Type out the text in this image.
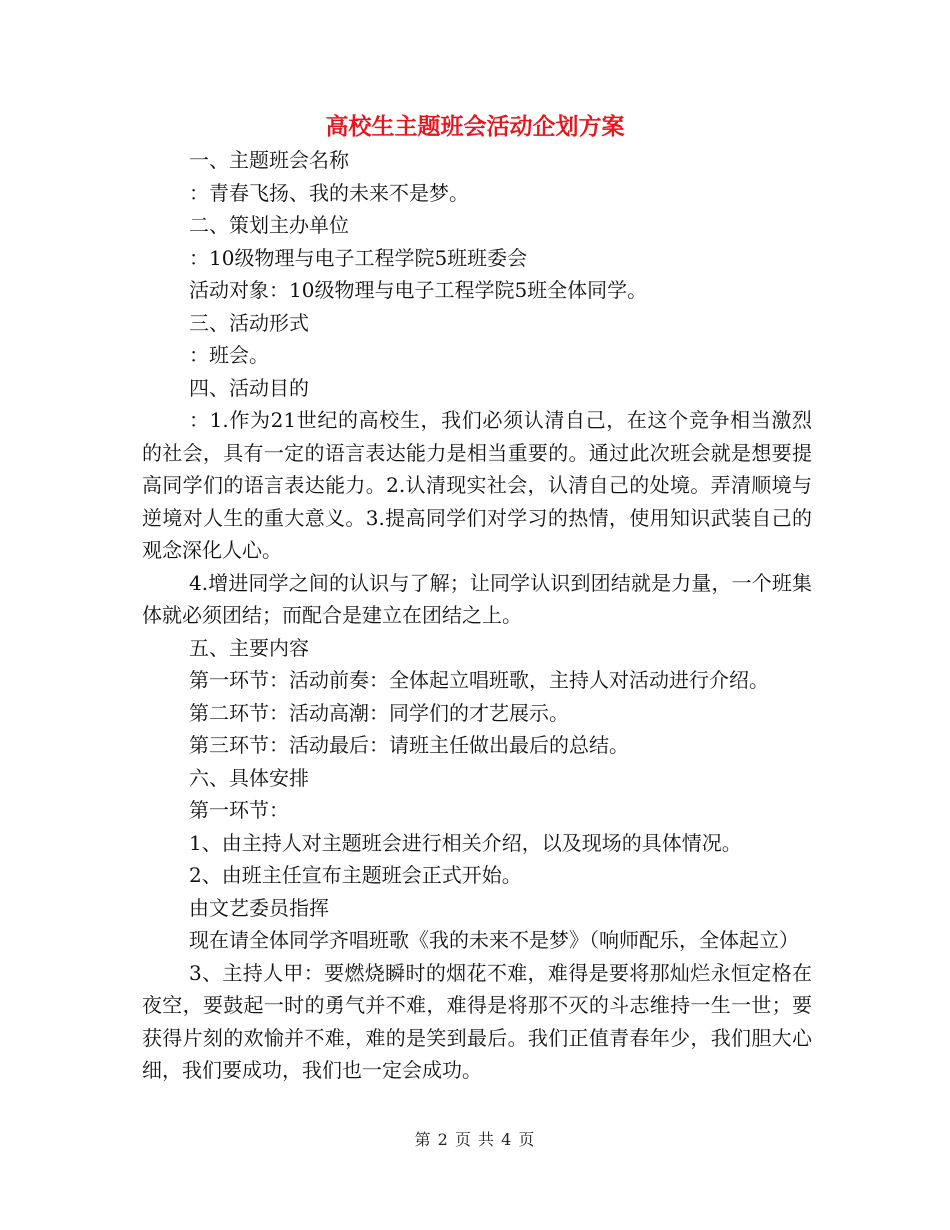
高校生主题班会活动企划方案

一、主题班会名称

：青春飞扬、我的未来不是梦。

二、策划主办单位

：10级物理与电子工程学院5班班委会

活动对象：10级物理与电子工程学院5班全体同学。

三、活动形式

：班会。

四、活动目的

：1.作为21世纪的高校生，我们必须认清自己，在这个竞争相当激烈的社会，具有一定的语言表达能力是相当重要的。通过此次班会就是想要提高同学们的语言表达能力。2.认清现实社会，认清自己的处境。弄清顺境与逆境对人生的重大意义。3.提高同学们对学习的热情，使用知识武装自己的观念深化人心。

4.增进同学之间的认识与了解；让同学认识到团结就是力量，一个班集体就必须团结；而配合是建立在团结之上。

五、主要内容

第一环节：活动前奏：全体起立唱班歌，主持人对活动进行介绍。

第二环节：活动高潮：同学们的才艺展示。

第三环节：活动最后：请班主任做出最后的总结。

六、具体安排

第一环节：

1、由主持人对主题班会进行相关介绍，以及现场的具体情况。

2、由班主任宣布主题班会正式开始。

由文艺委员指挥

现在请全体同学齐唱班歌《我的未来不是梦》（响师配乐，全体起立）

3、主持人甲：要燃烧瞬时的烟花不难，难得是要将那灿烂永恒定格在夜空，要鼓起一时的勇气并不难，难得是将那不灭的斗志维持一生一世；要获得片刻的欢愉并不难，难的是笑到最后。我们正值青春年少，我们胆大心细，我们要成功，我们也一定会成功。

第 2 页 共 4 页
